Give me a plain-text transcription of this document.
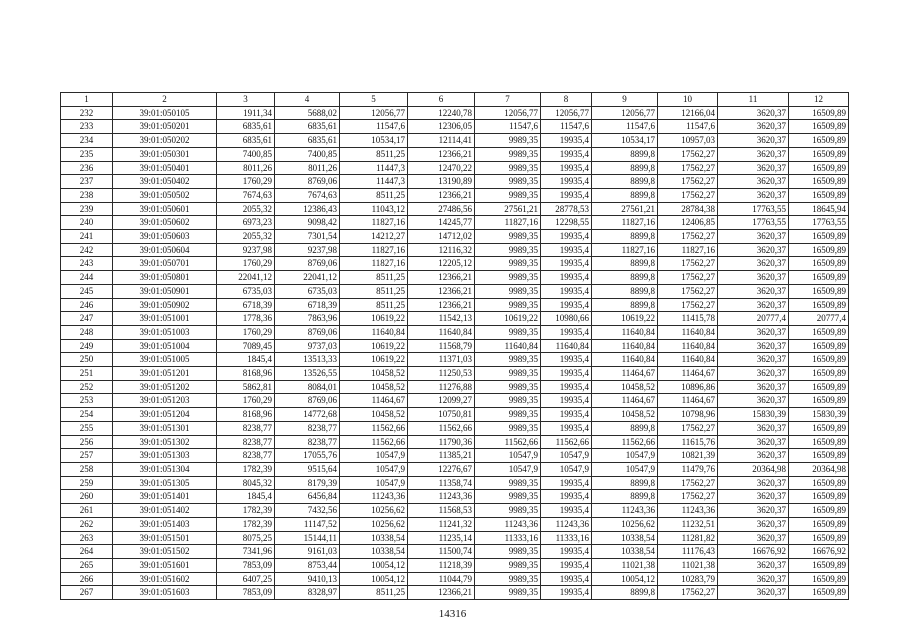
1	2	3	4	5	6	7	8	9	10	11	12
232	39:01:050105	1911,34	5688,02	12056,77	12240,78	12056,77	12056,77	12056,77	12166,04	3620,37	16509,89
233	39:01:050201	6835,61	6835,61	11547,6	12306,05	11547,6	11547,6	11547,6	11547,6	3620,37	16509,89
234	39:01:050202	6835,61	6835,61	10534,17	12114,41	9989,35	19935,4	10534,17	10957,03	3620,37	16509,89
235	39:01:050301	7400,85	7400,85	8511,25	12366,21	9989,35	19935,4	8899,8	17562,27	3620,37	16509,89
236	39:01:050401	8011,26	8011,26	11447,3	12470,22	9989,35	19935,4	8899,8	17562,27	3620,37	16509,89
237	39:01:050402	1760,29	8769,06	11447,3	13190,89	9989,35	19935,4	8899,8	17562,27	3620,37	16509,89
238	39:01:050502	7674,63	7674,63	8511,25	12366,21	9989,35	19935,4	8899,8	17562,27	3620,37	16509,89
239	39:01:050601	2055,32	12386,43	11043,12	27486,56	27561,21	28778,53	27561,21	28784,38	17763,55	18645,94
240	39:01:050602	6973,23	9098,42	11827,16	14245,77	11827,16	12298,55	11827,16	12406,85	17763,55	17763,55
241	39:01:050603	2055,32	7301,54	14212,27	14712,02	9989,35	19935,4	8899,8	17562,27	3620,37	16509,89
242	39:01:050604	9237,98	9237,98	11827,16	12116,32	9989,35	19935,4	11827,16	11827,16	3620,37	16509,89
243	39:01:050701	1760,29	8769,06	11827,16	12205,12	9989,35	19935,4	8899,8	17562,27	3620,37	16509,89
244	39:01:050801	22041,12	22041,12	8511,25	12366,21	9989,35	19935,4	8899,8	17562,27	3620,37	16509,89
245	39:01:050901	6735,03	6735,03	8511,25	12366,21	9989,35	19935,4	8899,8	17562,27	3620,37	16509,89
246	39:01:050902	6718,39	6718,39	8511,25	12366,21	9989,35	19935,4	8899,8	17562,27	3620,37	16509,89
247	39:01:051001	1778,36	7863,96	10619,22	11542,13	10619,22	10980,66	10619,22	11415,78	20777,4	20777,4
248	39:01:051003	1760,29	8769,06	11640,84	11640,84	9989,35	19935,4	11640,84	11640,84	3620,37	16509,89
249	39:01:051004	7089,45	9737,03	10619,22	11568,79	11640,84	11640,84	11640,84	11640,84	3620,37	16509,89
250	39:01:051005	1845,4	13513,33	10619,22	11371,03	9989,35	19935,4	11640,84	11640,84	3620,37	16509,89
251	39:01:051201	8168,96	13526,55	10458,52	11250,53	9989,35	19935,4	11464,67	11464,67	3620,37	16509,89
252	39:01:051202	5862,81	8084,01	10458,52	11276,88	9989,35	19935,4	10458,52	10896,86	3620,37	16509,89
253	39:01:051203	1760,29	8769,06	11464,67	12099,27	9989,35	19935,4	11464,67	11464,67	3620,37	16509,89
254	39:01:051204	8168,96	14772,68	10458,52	10750,81	9989,35	19935,4	10458,52	10798,96	15830,39	15830,39
255	39:01:051301	8238,77	8238,77	11562,66	11562,66	9989,35	19935,4	8899,8	17562,27	3620,37	16509,89
256	39:01:051302	8238,77	8238,77	11562,66	11790,36	11562,66	11562,66	11562,66	11615,76	3620,37	16509,89
257	39:01:051303	8238,77	17055,76	10547,9	11385,21	10547,9	10547,9	10547,9	10821,39	3620,37	16509,89
258	39:01:051304	1782,39	9515,64	10547,9	12276,67	10547,9	10547,9	10547,9	11479,76	20364,98	20364,98
259	39:01:051305	8045,32	8179,39	10547,9	11358,74	9989,35	19935,4	8899,8	17562,27	3620,37	16509,89
260	39:01:051401	1845,4	6456,84	11243,36	11243,36	9989,35	19935,4	8899,8	17562,27	3620,37	16509,89
261	39:01:051402	1782,39	7432,56	10256,62	11568,53	9989,35	19935,4	11243,36	11243,36	3620,37	16509,89
262	39:01:051403	1782,39	11147,52	10256,62	11241,32	11243,36	11243,36	10256,62	11232,51	3620,37	16509,89
263	39:01:051501	8075,25	15144,11	10338,54	11235,14	11333,16	11333,16	10338,54	11281,82	3620,37	16509,89
264	39:01:051502	7341,96	9161,03	10338,54	11500,74	9989,35	19935,4	10338,54	11176,43	16676,92	16676,92
265	39:01:051601	7853,09	8753,44	10054,12	11218,39	9989,35	19935,4	11021,38	11021,38	3620,37	16509,89
266	39:01:051602	6407,25	9410,13	10054,12	11044,79	9989,35	19935,4	10054,12	10283,79	3620,37	16509,89
267	39:01:051603	7853,09	8328,97	8511,25	12366,21	9989,35	19935,4	8899,8	17562,27	3620,37	16509,89
14316
